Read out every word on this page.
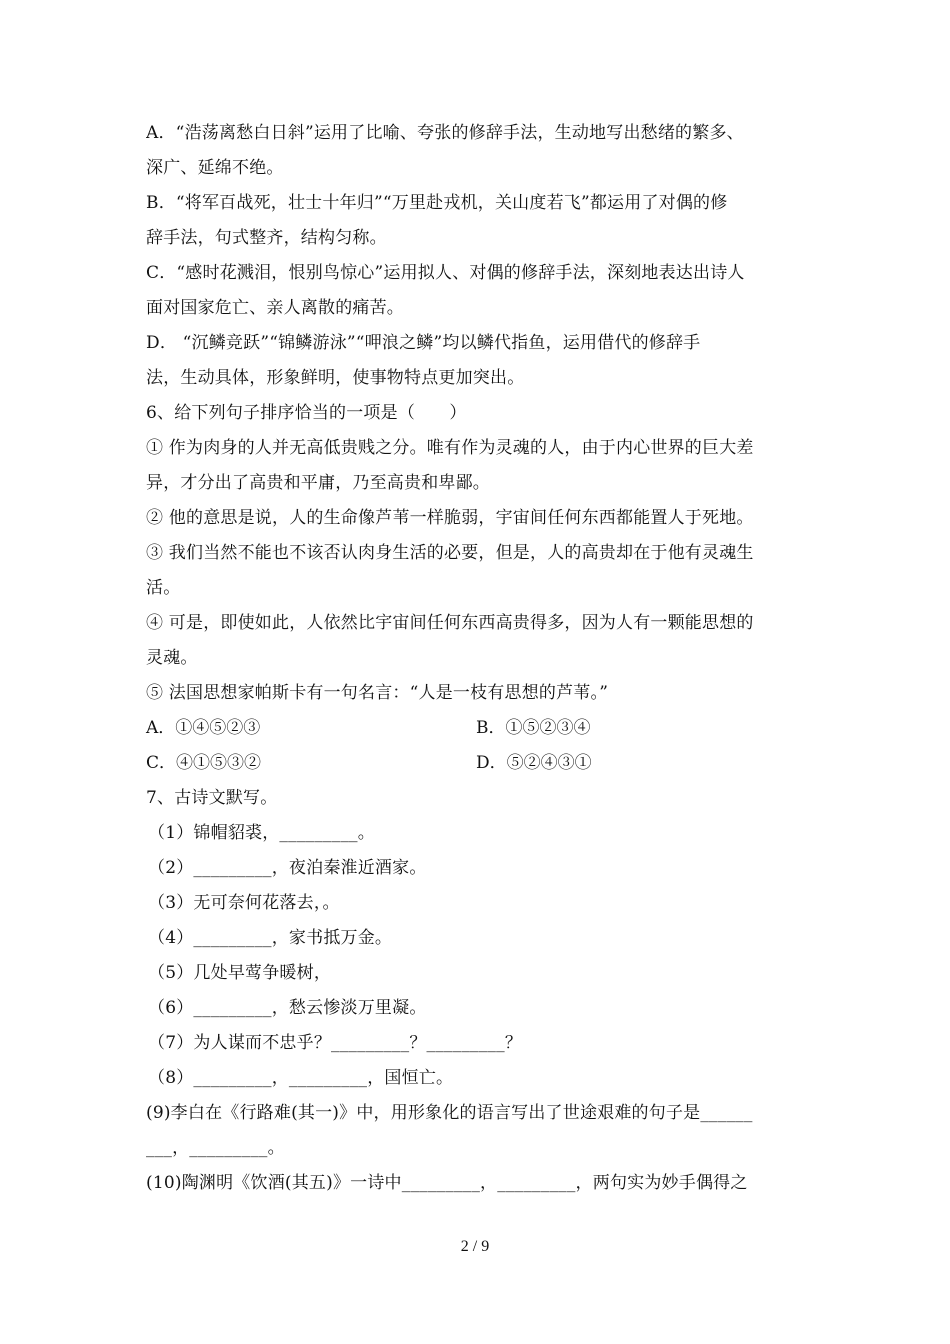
A．“浩荡离愁白日斜”运用了比喻、夸张的修辞手法，生动地写出愁绪的繁多、
深广、延绵不绝。
B．“将军百战死，壮士十年归”“万里赴戎机，关山度若飞”都运用了对偶的修
辞手法，句式整齐，结构匀称。
C．“感时花溅泪，恨别鸟惊心”运用拟人、对偶的修辞手法，深刻地表达出诗人
面对国家危亡、亲人离散的痛苦。
D． “沉鳞竞跃”“锦鳞游泳”“呷浪之鳞”均以鳞代指鱼，运用借代的修辞手
法，生动具体，形象鲜明，使事物特点更加突出。
6、给下列句子排序恰当的一项是（　　）
① 作为肉身的人并无高低贵贱之分。唯有作为灵魂的人，由于内心世界的巨大差
异，才分出了高贵和平庸，乃至高贵和卑鄙。
② 他的意思是说，人的生命像芦苇一样脆弱，宇宙间任何东西都能置人于死地。
③ 我们当然不能也不该否认肉身生活的必要，但是，人的高贵却在于他有灵魂生
活。
④ 可是，即使如此，人依然比宇宙间任何东西高贵得多，因为人有一颗能思想的
灵魂。
⑤ 法国思想家帕斯卡有一句名言：“人是一枝有思想的芦苇。”
A．①④⑤②③	B．①⑤②③④
C．④①⑤③②	D．⑤②④③①
7、古诗文默写。
（1）锦帽貂裘，_________。
（2）_________，夜泊秦淮近酒家。
（3）无可奈何花落去，。
（4）_________，家书抵万金。
（5）几处早莺争暖树，
（6）_________，愁云惨淡万里凝。
（7）为人谋而不忠乎？_________？_________？
（8）_________，_________，国恒亡。
(9)李白在《行路难(其一)》中，用形象化的语言写出了世途艰难的句子是______
___，_________。
(10)陶渊明《饮酒(其五)》一诗中_________，_________，两句实为妙手偶得之
2 / 9
